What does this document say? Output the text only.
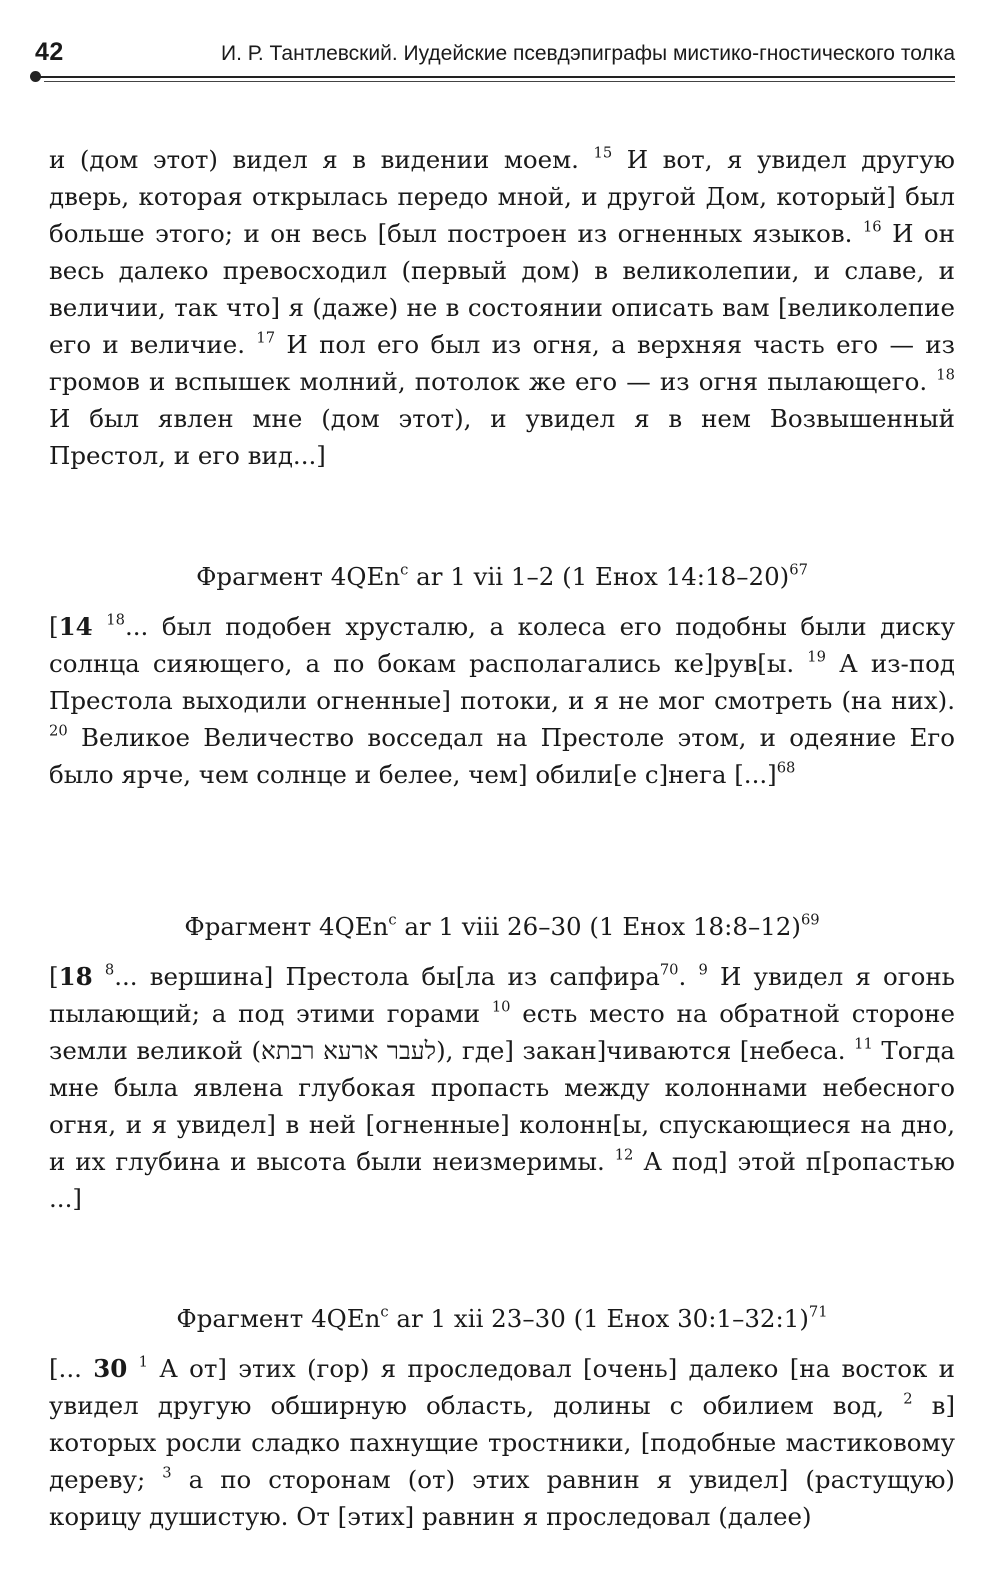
42	И. Р. Тантлевский. Иудейские псевдэпиграфы мистико-гностического толка

и (дом этот) видел я в видении моем. $^{15}$ И вот, я увидел другую дверь, которая открылась передо мной, и другой Дом, который] был больше этого; и он весь [был построен из огненных языков. $^{16}$ И он весь далеко превосходил (первый дом) в великолепии, и славе, и величии, так что] я (даже) не в состоянии описать вам [великолепие его и величие. $^{17}$ И пол его был из огня, а верхняя часть его — из громов и вспышек молний, потолок же его — из огня пылающего. $^{18}$ И был явлен мне (дом этот), и увидел я в нем Возвышенный Престол, и его вид...]

Фрагмент 4QEn$^c$ ar 1 vii 1–2 (1 Енох 14:18–20)$^{67}$

[14 $^{18}$... был подобен хрусталю, а колеса его подобны были диску солнца сияющего, а по бокам располагались ке]рув[ы. $^{19}$ А из-под Престола выходили огненные] потоки, и я не мог смотреть (на них). $^{20}$ Великое Величество восседал на Престоле этом, и одеяние Его было ярче, чем солнце и белее, чем] обили[е с]нега [...]$^{68}$

Фрагмент 4QEn$^c$ ar 1 viii 26–30 (1 Енох 18:8–12)$^{69}$

[18 $^8$... вершина] Престола бы[ла из сапфира$^{70}$. $^9$ И увидел я огонь пылающий; а под этими горами $^{10}$ есть место на обратной стороне земли великой (לעבר ארעא רבתא), где] закан]чиваются [небеса. $^{11}$ Тогда мне была явлена глубокая пропасть между колоннами небесного огня, и я увидел] в ней [огненные] колонн[ы, спускающиеся на дно, и их глубина и высота были неизмеримы. $^{12}$ А под] этой п[ропастью ...]

Фрагмент 4QEn$^c$ ar 1 xii 23–30 (1 Енох 30:1–32:1)$^{71}$

[... 30 $^1$ А от] этих (гор) я проследовал [очень] далеко [на восток и увидел другую обширную область, долины с обилием вод, $^2$ в] которых росли сладко пахнущие тростники, [подобные мастиковому дереву; $^3$ а по сторонам (от) этих равнин я увидел] (растущую) корицу душистую. От [этих] равнин я проследовал (далее)
